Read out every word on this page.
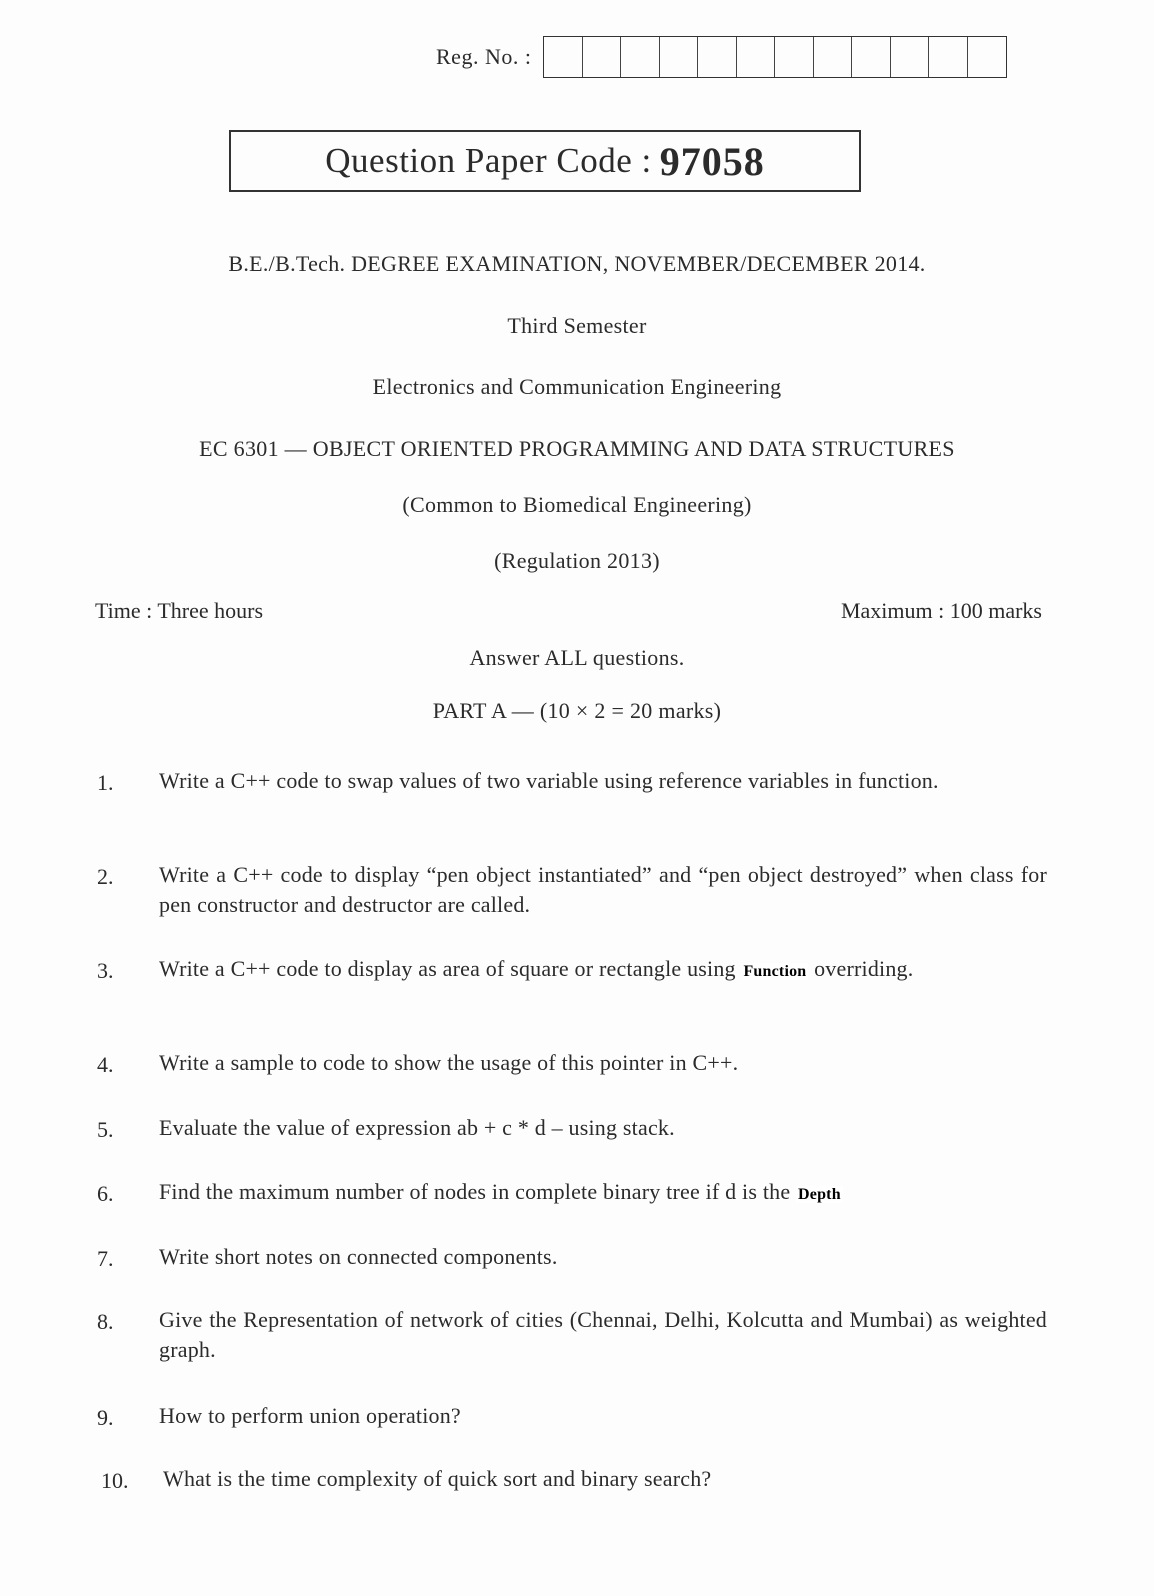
Reg. No. :
Question Paper Code : 97058
B.E./B.Tech. DEGREE EXAMINATION, NOVEMBER/DECEMBER 2014.
Third Semester
Electronics and Communication Engineering
EC 6301 — OBJECT ORIENTED PROGRAMMING AND DATA STRUCTURES
(Common to Biomedical Engineering)
(Regulation 2013)
Time : Three hours	Maximum : 100 marks
Answer ALL questions.
PART A — (10 × 2 = 20 marks)
1.	Write a C++ code to swap values of two variable using reference variables in function.
2.	Write a C++ code to display “pen object instantiated” and “pen object destroyed” when class for pen constructor and destructor are called.
3.	Write a C++ code to display as area of square or rectangle using Function overriding.
4.	Write a sample to code to show the usage of this pointer in C++.
5.	Evaluate the value of expression ab + c * d – using stack.
6.	Find the maximum number of nodes in complete binary tree if d is the Depth
7.	Write short notes on connected components.
8.	Give the Representation of network of cities (Chennai, Delhi, Kolcutta and Mumbai) as weighted graph.
9.	How to perform union operation?
10.	What is the time complexity of quick sort and binary search?
